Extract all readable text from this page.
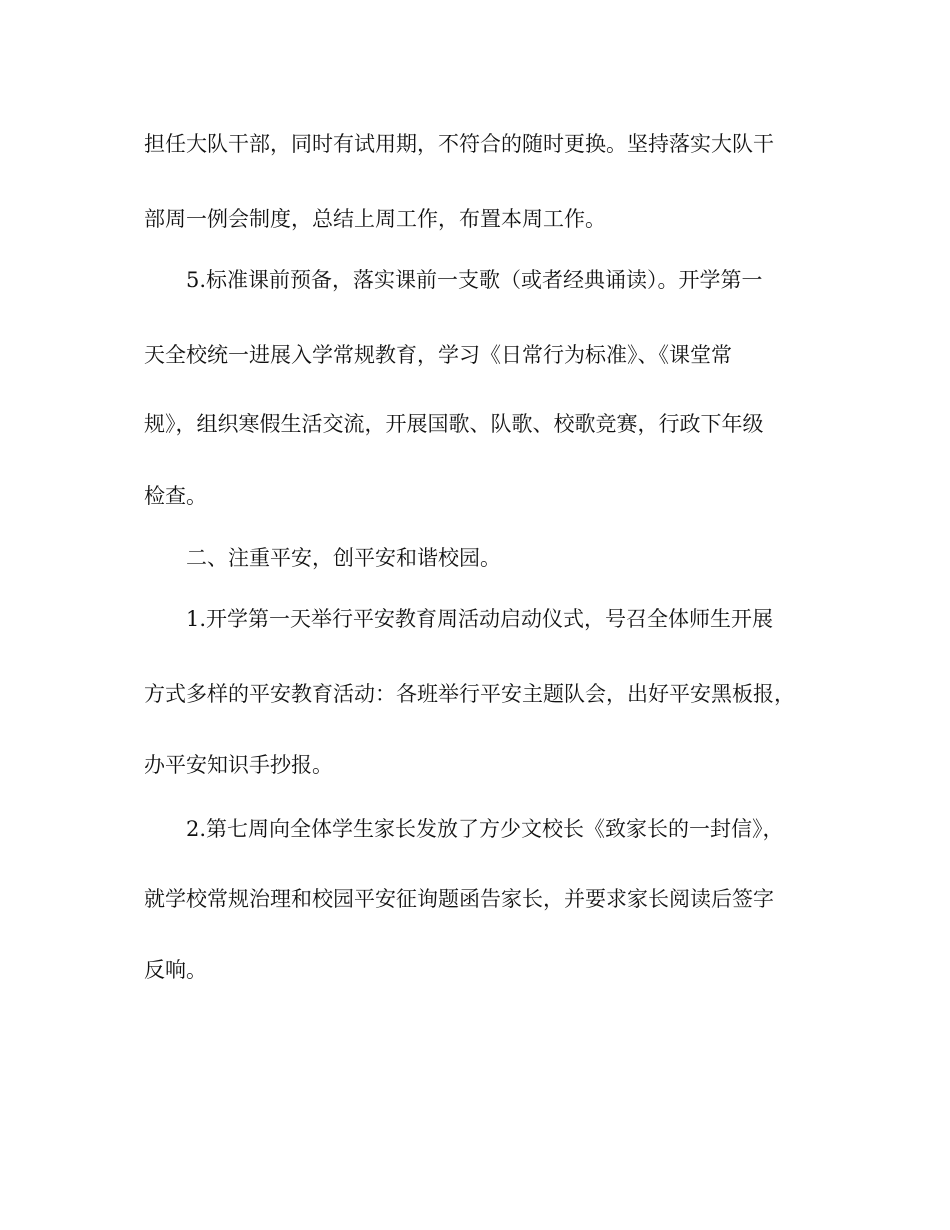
担任大队干部，同时有试用期，不符合的随时更换。坚持落实大队干
部周一例会制度，总结上周工作，布置本周工作。
5.标准课前预备，落实课前一支歌（或者经典诵读）。开学第一
天全校统一进展入学常规教育，学习《日常行为标准》、《课堂常
规》，组织寒假生活交流，开展国歌、队歌、校歌竞赛，行政下年级
检查。
二、注重平安，创平安和谐校园。
1.开学第一天举行平安教育周活动启动仪式，号召全体师生开展
方式多样的平安教育活动：各班举行平安主题队会，出好平安黑板报，
办平安知识手抄报。
2.第七周向全体学生家长发放了方少文校长《致家长的一封信》，
就学校常规治理和校园平安征询题函告家长，并要求家长阅读后签字
反响。
